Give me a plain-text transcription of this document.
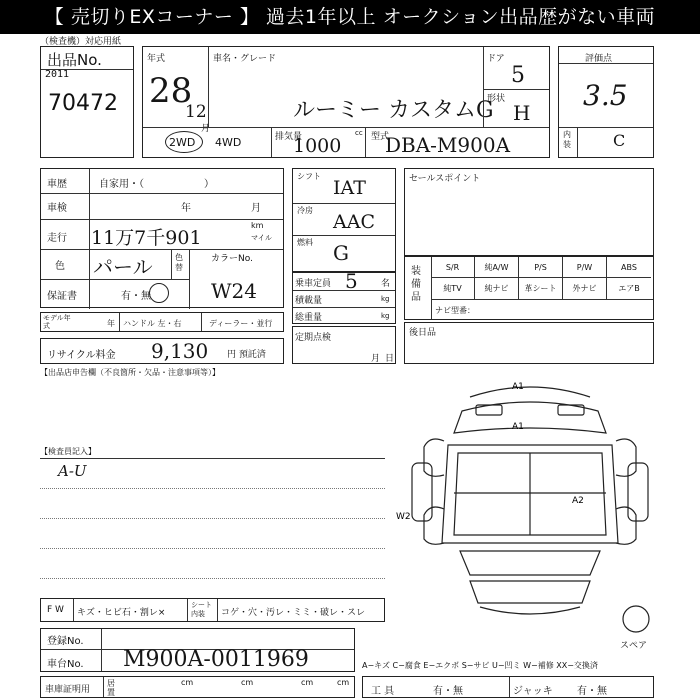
【 売切りEXコーナー 】 過去1年以上 オークション出品歴がない車両
（検査機）対応用紙
出品No.
2011
70472
年式
28
12
月
車名・グレード
ルーミー カスタムG
ドア
5
形状
H
2WD 4WD	排気量
1000
cc 型式
DBA-M900A
評価点
3.5
内装	C
車歴	自家用・（　　　　　　）
車検	年	月
走行 11万7千901
km
マイル
色 パール	色替
カラーNo.
W24
保証書	有・無
モデル年式	年 ハンドル 左・右	ディーラー・並行
リサイクル料金 9,130 円 預託済
シフト
IAT
冷房
AAC
燃料 G
乗車定員 5	名
積載量	kg
総重量	kg
定期点検
月 日
セールスポイント
装備品
S/R	純A/W	P/S	P/W	ABS
純TV	純ナビ	革シート	外ナビ	エアB
ナビ型番：
後日品
【出品店申告欄（不良箇所・欠品・注意事項等）】
【検査員記入】
A-U
A1
A1
A2
W2
スペア
F W キズ・ヒビ石・割レ×
シート内装	コゲ・穴・汚レ・ミミ・破レ・スレ
登録No.
車台No. M900A-0011969	A−キズ C−腐食 E−エクボ S−サビ U−凹ミ W−補修 XX−交換済
車庫証明用
居
置
cm	cm	cm	cm
工 具	有・無	ジャッキ 有・無
